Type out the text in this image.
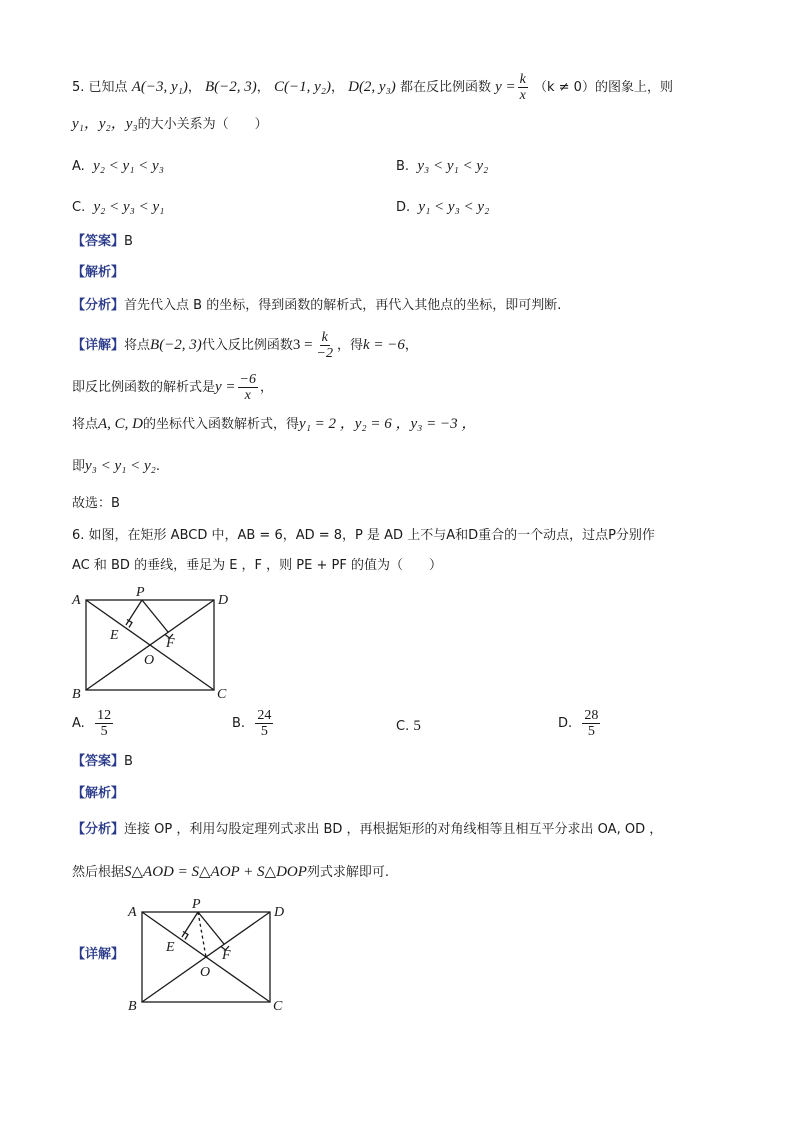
5. 已知点 A(−3, y₁)， B(−2, 3)， C(−1, y₂)， D(2, y₃) 都在反比例函数 $y = \frac{k}{x} (k \ne 0)$的图象上，则
y₁，y₂，y₃的大小关系为（　　）
A. y₂ < y₁ < y₃	B. y₃ < y₁ < y₂
C. y₂ < y₃ < y₁	D. y₁ < y₃ < y₂
【答案】B
【解析】
【分析】首先代入点 B 的坐标，得到函数的解析式，再代入其他点的坐标，即可判断.
【详解】将点B(−2, 3)代入反比例函数$3 = \frac{k}{-2}$ ，得k = −6，
即反比例函数的解析式是$y = \frac{-6}{x}$ ，
将点A, C, D的坐标代入函数解析式，得y₁ = 2 ，y₂ = 6 ，y₃ = −3 ，
即y₃ < y₁ < y₂.
故选：B
6. 如图，在矩形 ABCD 中，AB = 6，AD = 8，P 是 AD 上不与A和D重合的一个动点，过点P分别作
AC 和 BD 的垂线，垂足为 E ，F ，则 PE + PF 的值为（　　）
A	D
B	C
P
E
F
O
A. $\frac{12}{5}$	B. $\frac{24}{5}$	C. 5	D. $\frac{28}{5}$
【答案】B
【解析】
【分析】连接 OP ，利用勾股定理列式求出 BD ，再根据矩形的对角线相等且相互平分求出 OA, OD ，
然后根据S△AOD = S△AOP + S△DOP列式求解即可.
【详解】
A	D
B	C
P
E
F
O
